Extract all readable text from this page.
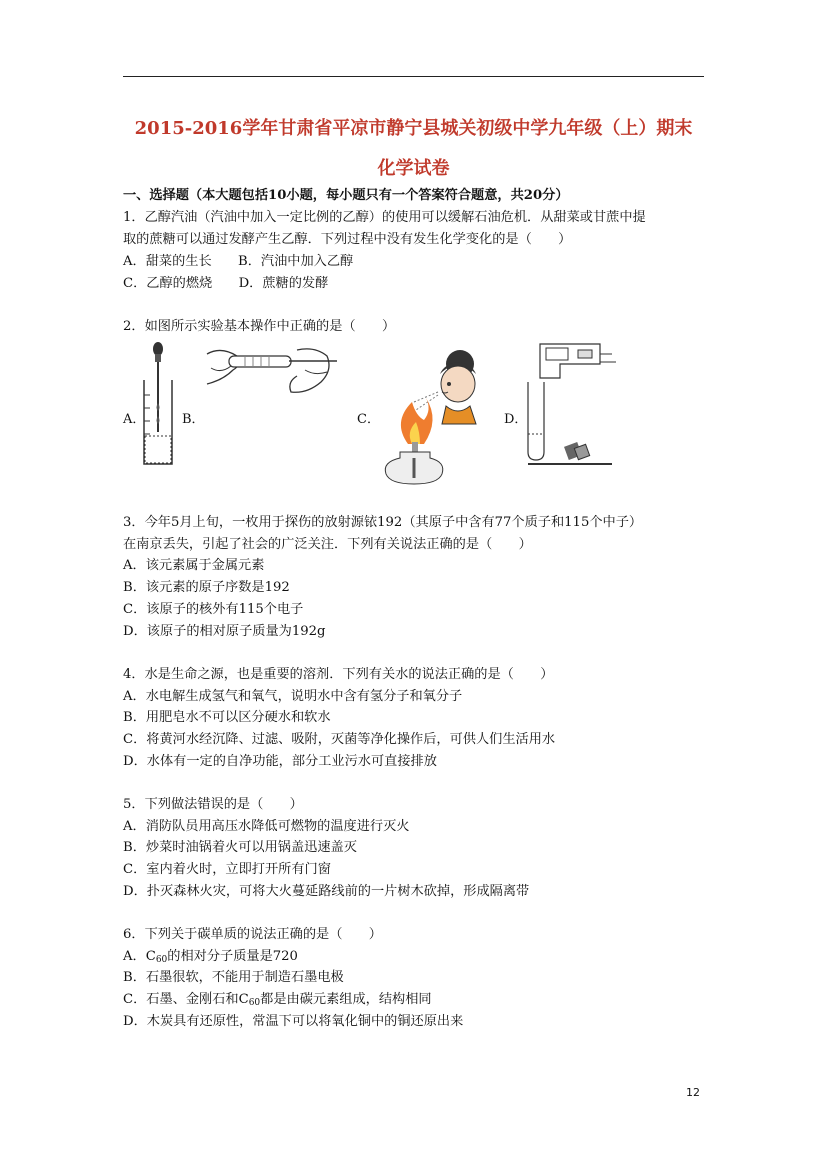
2015-2016学年甘肃省平凉市静宁县城关初级中学九年级（上）期末
化学试卷
一、选择题（本大题包括10小题，每小题只有一个答案符合题意，共20分）
1．乙醇汽油（汽油中加入一定比例的乙醇）的使用可以缓解石油危机．从甜菜或甘蔗中提
取的蔗糖可以通过发酵产生乙醇．下列过程中没有发生化学变化的是（　　）
A．甜菜的生长　　B．汽油中加入乙醇
C．乙醇的燃烧　　D．蔗糖的发酵
2．如图所示实验基本操作中正确的是（　　）
A．	B．	C．	D．
3．今年5月上旬，一枚用于探伤的放射源铱192（其原子中含有77个质子和115个中子）
在南京丢失，引起了社会的广泛关注．下列有关说法正确的是（　　）
A．该元素属于金属元素
B．该元素的原子序数是192
C．该原子的核外有115个电子
D．该原子的相对原子质量为192g
4．水是生命之源，也是重要的溶剂．下列有关水的说法正确的是（　　）
A．水电解生成氢气和氧气，说明水中含有氢分子和氧分子
B．用肥皂水不可以区分硬水和软水
C．将黄河水经沉降、过滤、吸附，灭菌等净化操作后，可供人们生活用水
D．水体有一定的自净功能，部分工业污水可直接排放
5．下列做法错误的是（　　）
A．消防队员用高压水降低可燃物的温度进行灭火
B．炒菜时油锅着火可以用锅盖迅速盖灭
C．室内着火时，立即打开所有门窗
D．扑灭森林火灾，可将大火蔓延路线前的一片树木砍掉，形成隔离带
6．下列关于碳单质的说法正确的是（　　）
A．$C_{60}$的相对分子质量是720
B．石墨很软，不能用于制造石墨电极
C．石墨、金刚石和$C_{60}$都是由碳元素组成，结构相同
D．木炭具有还原性，常温下可以将氧化铜中的铜还原出来
12
